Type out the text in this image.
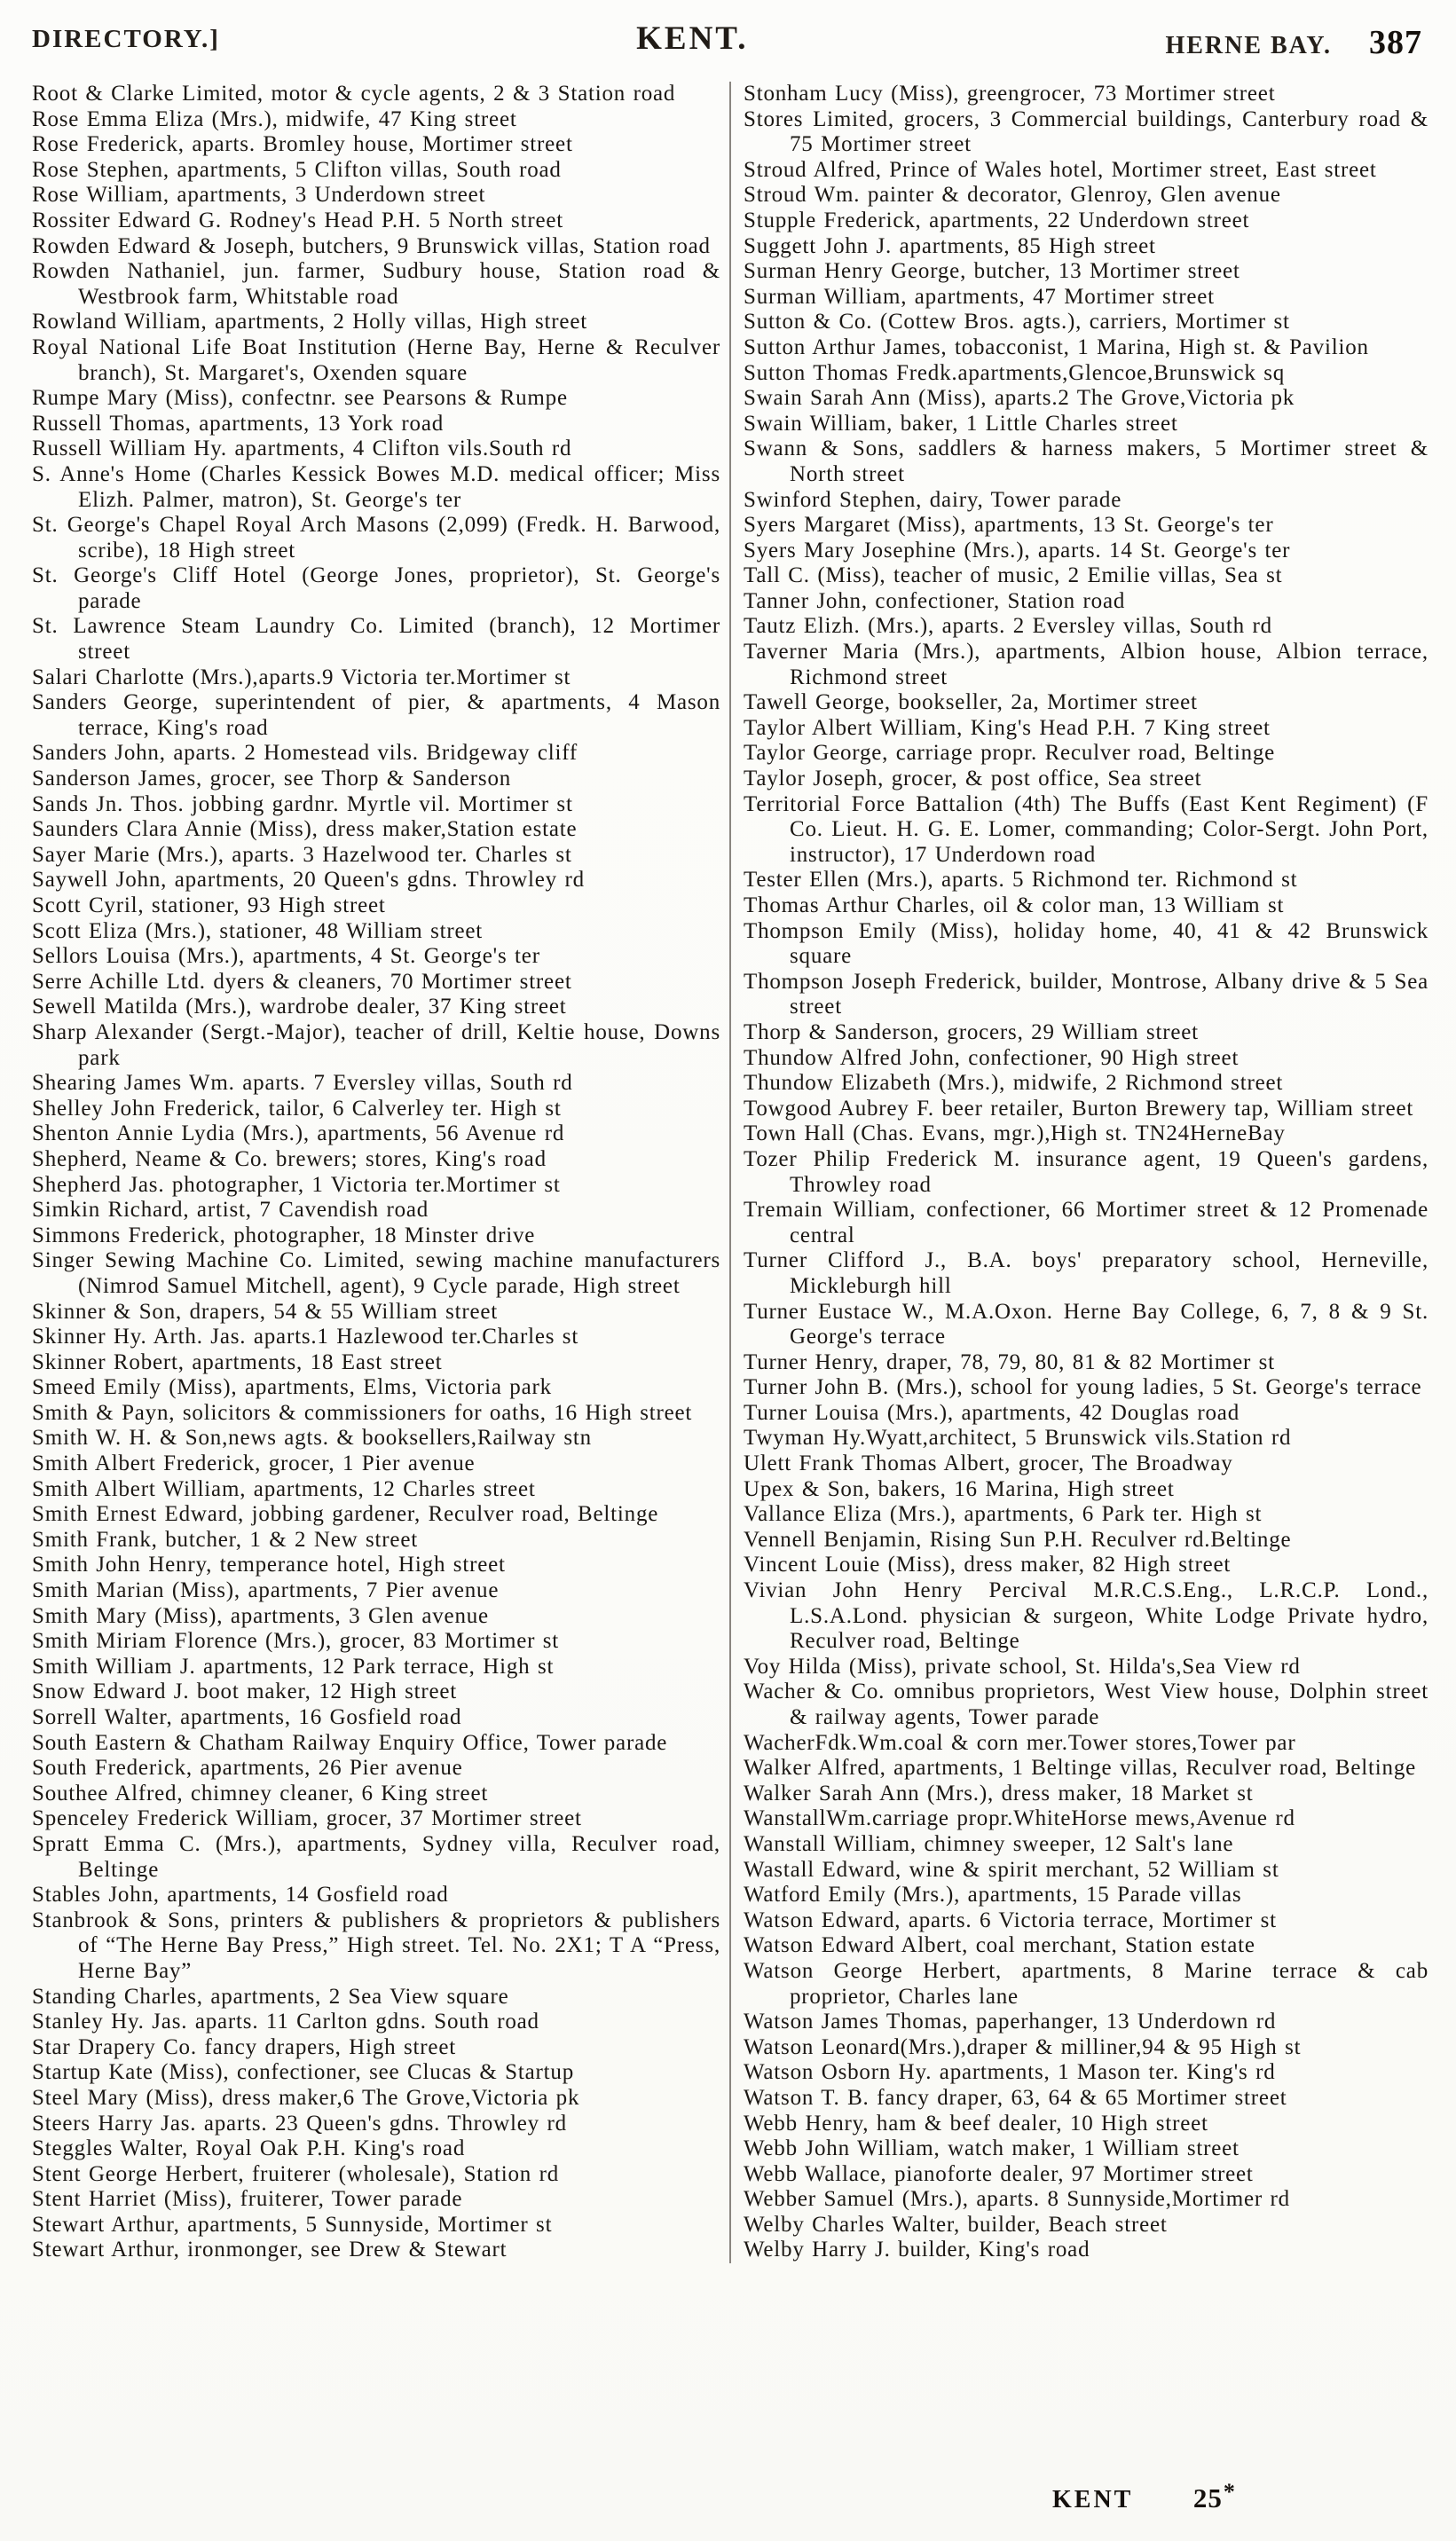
DIRECTORY.]	KENT.	HERNE BAY. 387

Root & Clarke Limited, motor & cycle agents, 2 & 3 Station road

Rose Emma Eliza (Mrs.), midwife, 47 King street

Rose Frederick, aparts. Bromley house, Mortimer street

Rose Stephen, apartments, 5 Clifton villas, South road

Rose William, apartments, 3 Underdown street

Rossiter Edward G. Rodney's Head P.H. 5 North street

Rowden Edward & Joseph, butchers, 9 Brunswick villas, Station road

Rowden Nathaniel, jun. farmer, Sudbury house, Station road & Westbrook farm, Whitstable road

Rowland William, apartments, 2 Holly villas, High street

Royal National Life Boat Institution (Herne Bay, Herne & Reculver branch), St. Margaret's, Oxenden square

Rumpe Mary (Miss), confectnr. see Pearsons & Rumpe

Russell Thomas, apartments, 13 York road

Russell William Hy. apartments, 4 Clifton vils.South rd

S. Anne's Home (Charles Kessick Bowes M.D. medical officer; Miss Elizh. Palmer, matron), St. George's ter

St. George's Chapel Royal Arch Masons (2,099) (Fredk. H. Barwood, scribe), 18 High street

St. George's Cliff Hotel (George Jones, proprietor), St. George's parade

St. Lawrence Steam Laundry Co. Limited (branch), 12 Mortimer street

Salari Charlotte (Mrs.),aparts.9 Victoria ter.Mortimer st

Sanders George, superintendent of pier, & apartments, 4 Mason terrace, King's road

Sanders John, aparts. 2 Homestead vils. Bridgeway cliff

Sanderson James, grocer, see Thorp & Sanderson

Sands Jn. Thos. jobbing gardnr. Myrtle vil. Mortimer st

Saunders Clara Annie (Miss), dress maker,Station estate

Sayer Marie (Mrs.), aparts. 3 Hazelwood ter. Charles st

Saywell John, apartments, 20 Queen's gdns. Throwley rd

Scott Cyril, stationer, 93 High street

Scott Eliza (Mrs.), stationer, 48 William street

Sellors Louisa (Mrs.), apartments, 4 St. George's ter

Serre Achille Ltd. dyers & cleaners, 70 Mortimer street

Sewell Matilda (Mrs.), wardrobe dealer, 37 King street

Sharp Alexander (Sergt.-Major), teacher of drill, Keltie house, Downs park

Shearing James Wm. aparts. 7 Eversley villas, South rd

Shelley John Frederick, tailor, 6 Calverley ter. High st

Shenton Annie Lydia (Mrs.), apartments, 56 Avenue rd

Shepherd, Neame & Co. brewers; stores, King's road

Shepherd Jas. photographer, 1 Victoria ter.Mortimer st

Simkin Richard, artist, 7 Cavendish road

Simmons Frederick, photographer, 18 Minster drive

Singer Sewing Machine Co. Limited, sewing machine manufacturers (Nimrod Samuel Mitchell, agent), 9 Cycle parade, High street

Skinner & Son, drapers, 54 & 55 William street

Skinner Hy. Arth. Jas. aparts.1 Hazlewood ter.Charles st

Skinner Robert, apartments, 18 East street

Smeed Emily (Miss), apartments, Elms, Victoria park

Smith & Payn, solicitors & commissioners for oaths, 16 High street

Smith W. H. & Son,news agts. & booksellers,Railway stn

Smith Albert Frederick, grocer, 1 Pier avenue

Smith Albert William, apartments, 12 Charles street

Smith Ernest Edward, jobbing gardener, Reculver road, Beltinge

Smith Frank, butcher, 1 & 2 New street

Smith John Henry, temperance hotel, High street

Smith Marian (Miss), apartments, 7 Pier avenue

Smith Mary (Miss), apartments, 3 Glen avenue

Smith Miriam Florence (Mrs.), grocer, 83 Mortimer st

Smith William J. apartments, 12 Park terrace, High st

Snow Edward J. boot maker, 12 High street

Sorrell Walter, apartments, 16 Gosfield road

South Eastern & Chatham Railway Enquiry Office, Tower parade

South Frederick, apartments, 26 Pier avenue

Southee Alfred, chimney cleaner, 6 King street

Spenceley Frederick William, grocer, 37 Mortimer street

Spratt Emma C. (Mrs.), apartments, Sydney villa, Reculver road, Beltinge

Stables John, apartments, 14 Gosfield road

Stanbrook & Sons, printers & publishers & proprietors & publishers of “The Herne Bay Press,” High street. Tel. No. 2X1; T A “Press, Herne Bay”

Standing Charles, apartments, 2 Sea View square

Stanley Hy. Jas. aparts. 11 Carlton gdns. South road

Star Drapery Co. fancy drapers, High street

Startup Kate (Miss), confectioner, see Clucas & Startup

Steel Mary (Miss), dress maker,6 The Grove,Victoria pk

Steers Harry Jas. aparts. 23 Queen's gdns. Throwley rd

Steggles Walter, Royal Oak P.H. King's road

Stent George Herbert, fruiterer (wholesale), Station rd

Stent Harriet (Miss), fruiterer, Tower parade

Stewart Arthur, apartments, 5 Sunnyside, Mortimer st

Stewart Arthur, ironmonger, see Drew & Stewart

Stonham Lucy (Miss), greengrocer, 73 Mortimer street

Stores Limited, grocers, 3 Commercial buildings, Canterbury road & 75 Mortimer street

Stroud Alfred, Prince of Wales hotel, Mortimer street, East street

Stroud Wm. painter & decorator, Glenroy, Glen avenue

Stupple Frederick, apartments, 22 Underdown street

Suggett John J. apartments, 85 High street

Surman Henry George, butcher, 13 Mortimer street

Surman William, apartments, 47 Mortimer street

Sutton & Co. (Cottew Bros. agts.), carriers, Mortimer st

Sutton Arthur James, tobacconist, 1 Marina, High st. & Pavilion

Sutton Thomas Fredk.apartments,Glencoe,Brunswick sq

Swain Sarah Ann (Miss), aparts.2 The Grove,Victoria pk

Swain William, baker, 1 Little Charles street

Swann & Sons, saddlers & harness makers, 5 Mortimer street & North street

Swinford Stephen, dairy, Tower parade

Syers Margaret (Miss), apartments, 13 St. George's ter

Syers Mary Josephine (Mrs.), aparts. 14 St. George's ter

Tall C. (Miss), teacher of music, 2 Emilie villas, Sea st

Tanner John, confectioner, Station road

Tautz Elizh. (Mrs.), aparts. 2 Eversley villas, South rd

Taverner Maria (Mrs.), apartments, Albion house, Albion terrace, Richmond street

Tawell George, bookseller, 2a, Mortimer street

Taylor Albert William, King's Head P.H. 7 King street

Taylor George, carriage propr. Reculver road, Beltinge

Taylor Joseph, grocer, & post office, Sea street

Territorial Force Battalion (4th) The Buffs (East Kent Regiment) (F Co. Lieut. H. G. E. Lomer, commanding; Color-Sergt. John Port, instructor), 17 Underdown road

Tester Ellen (Mrs.), aparts. 5 Richmond ter. Richmond st

Thomas Arthur Charles, oil & color man, 13 William st

Thompson Emily (Miss), holiday home, 40, 41 & 42 Brunswick square

Thompson Joseph Frederick, builder, Montrose, Albany drive & 5 Sea street

Thorp & Sanderson, grocers, 29 William street

Thundow Alfred John, confectioner, 90 High street

Thundow Elizabeth (Mrs.), midwife, 2 Richmond street

Towgood Aubrey F. beer retailer, Burton Brewery tap, William street

Town Hall (Chas. Evans, mgr.),High st. TN24HerneBay

Tozer Philip Frederick M. insurance agent, 19 Queen's gardens, Throwley road

Tremain William, confectioner, 66 Mortimer street & 12 Promenade central

Turner Clifford J., B.A. boys' preparatory school, Herneville, Mickleburgh hill

Turner Eustace W., M.A.Oxon. Herne Bay College, 6, 7, 8 & 9 St. George's terrace

Turner Henry, draper, 78, 79, 80, 81 & 82 Mortimer st

Turner John B. (Mrs.), school for young ladies, 5 St. George's terrace

Turner Louisa (Mrs.), apartments, 42 Douglas road

Twyman Hy.Wyatt,architect, 5 Brunswick vils.Station rd

Ulett Frank Thomas Albert, grocer, The Broadway

Upex & Son, bakers, 16 Marina, High street

Vallance Eliza (Mrs.), apartments, 6 Park ter. High st

Vennell Benjamin, Rising Sun P.H. Reculver rd.Beltinge

Vincent Louie (Miss), dress maker, 82 High street

Vivian John Henry Percival M.R.C.S.Eng., L.R.C.P. Lond., L.S.A.Lond. physician & surgeon, White Lodge Private hydro, Reculver road, Beltinge

Voy Hilda (Miss), private school, St. Hilda's,Sea View rd

Wacher & Co. omnibus proprietors, West View house, Dolphin street & railway agents, Tower parade

WacherFdk.Wm.coal & corn mer.Tower stores,Tower par

Walker Alfred, apartments, 1 Beltinge villas, Reculver road, Beltinge

Walker Sarah Ann (Mrs.), dress maker, 18 Market st

WanstallWm.carriage propr.WhiteHorse mews,Avenue rd

Wanstall William, chimney sweeper, 12 Salt's lane

Wastall Edward, wine & spirit merchant, 52 William st

Watford Emily (Mrs.), apartments, 15 Parade villas

Watson Edward, aparts. 6 Victoria terrace, Mortimer st

Watson Edward Albert, coal merchant, Station estate

Watson George Herbert, apartments, 8 Marine terrace & cab proprietor, Charles lane

Watson James Thomas, paperhanger, 13 Underdown rd

Watson Leonard(Mrs.),draper & milliner,94 & 95 High st

Watson Osborn Hy. apartments, 1 Mason ter. King's rd

Watson T. B. fancy draper, 63, 64 & 65 Mortimer street

Webb Henry, ham & beef dealer, 10 High street

Webb John William, watch maker, 1 William street

Webb Wallace, pianoforte dealer, 97 Mortimer street

Webber Samuel (Mrs.), aparts. 8 Sunnyside,Mortimer rd

Welby Charles Walter, builder, Beach street

Welby Harry J. builder, King's road

KENT 25*
